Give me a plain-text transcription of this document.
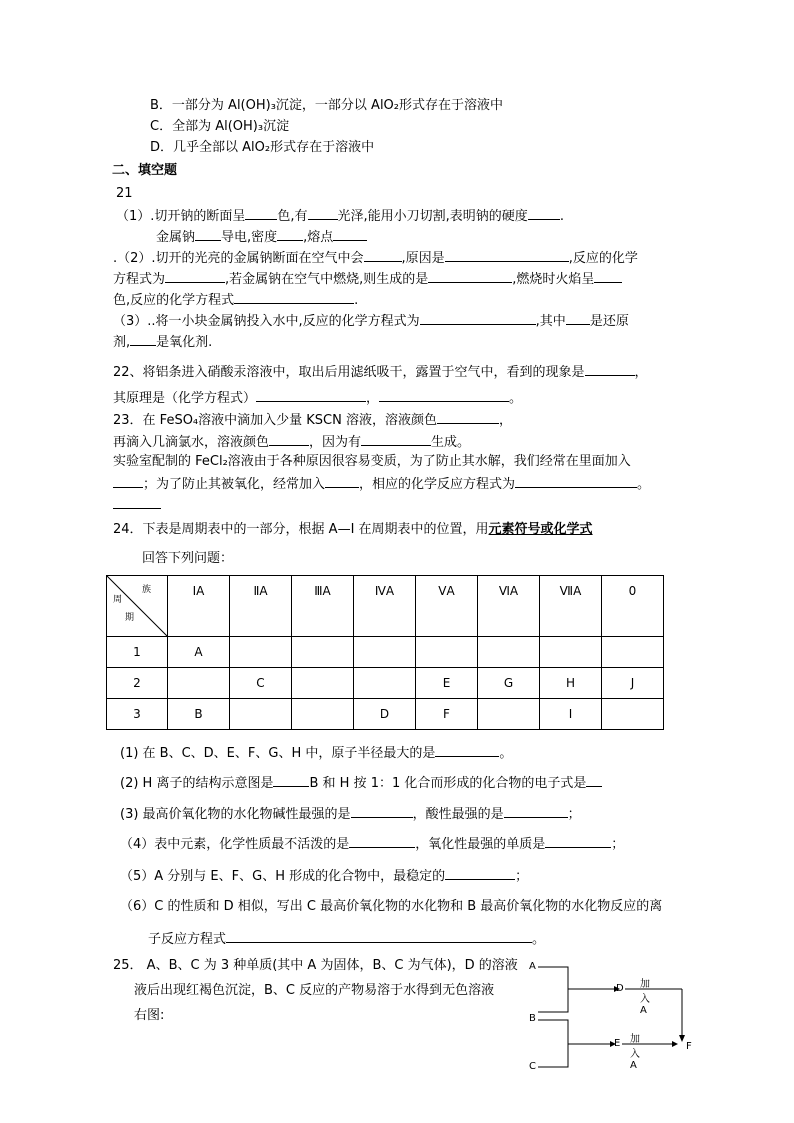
B．一部分为 Al(OH)₃沉淀，一部分以 AlO₂形式存在于溶液中
C．全部为 Al(OH)₃沉淀
D．几乎全部以 AlO₂形式存在于溶液中
二、填空题
21
（1）.切开钠的断面呈 色,有 光泽,能用小刀切割,表明钠的硬度 .
金属钠 导电,密度 ,熔点
.（2）.切开的光亮的金属钠断面在空气中会	,原因是	,反应的化学
方程式为	,若金属钠在空气中燃烧,则生成的是	,燃烧时火焰呈
色,反应的化学方程式	.
（3）..将一小块金属钠投入水中,反应的化学方程式为	,其中 是还原
剂, 是氧化剂.
22、将铝条进入硝酸汞溶液中，取出后用滤纸吸干，露置于空气中，看到的现象是	，
其原理是（化学方程式）	，	。
23．在 FeSO₄溶液中滴加入少量 KSCN 溶液，溶液颜色	，
再滴入几滴氯水，溶液颜色	，因为有	生成。
实验室配制的 FeCl₂溶液由于各种原因很容易变质，为了防止其水解，我们经常在里面加入
；为了防止其被氧化，经常加入	，相应的化学反应方程式为	。
24．下表是周期表中的一部分，根据 A—I 在周期表中的位置，用元素符号或化学式
回答下列问题：
族
周
期	ⅠA	ⅡA	ⅢA	ⅣA	ⅤA	ⅥA	ⅦA	0
1	A							
2		C			E	G	H	J
3	B			D	F		I	
(1) 在 B、C、D、E、F、G、H 中，原子半径最大的是	。
(2) H 离子的结构示意图是	B 和 H 按 1：1 化合而形成的化合物的电子式是
(3) 最高价氧化物的水化物碱性最强的是	，酸性最强的是	；
（4）表中元素，化学性质最不活泼的是	，氧化性最强的单质是	；
（5）A 分别与 E、F、G、H 形成的化合物中，最稳定的	；
（6）C 的性质和 D 相似，写出 C 最高价氧化物的水化物和 B 最高价氧化物的水化物反应的离
子反应方程式	。
25． A、B、C 为 3 种单质(其中 A 为固体，B、C 为气体)，D 的溶液
液后出现红褐色沉淀，B、C 反应的产物易溶于水得到无色溶液
右图:
A
B
C
D
E	F
加入A
加入A
